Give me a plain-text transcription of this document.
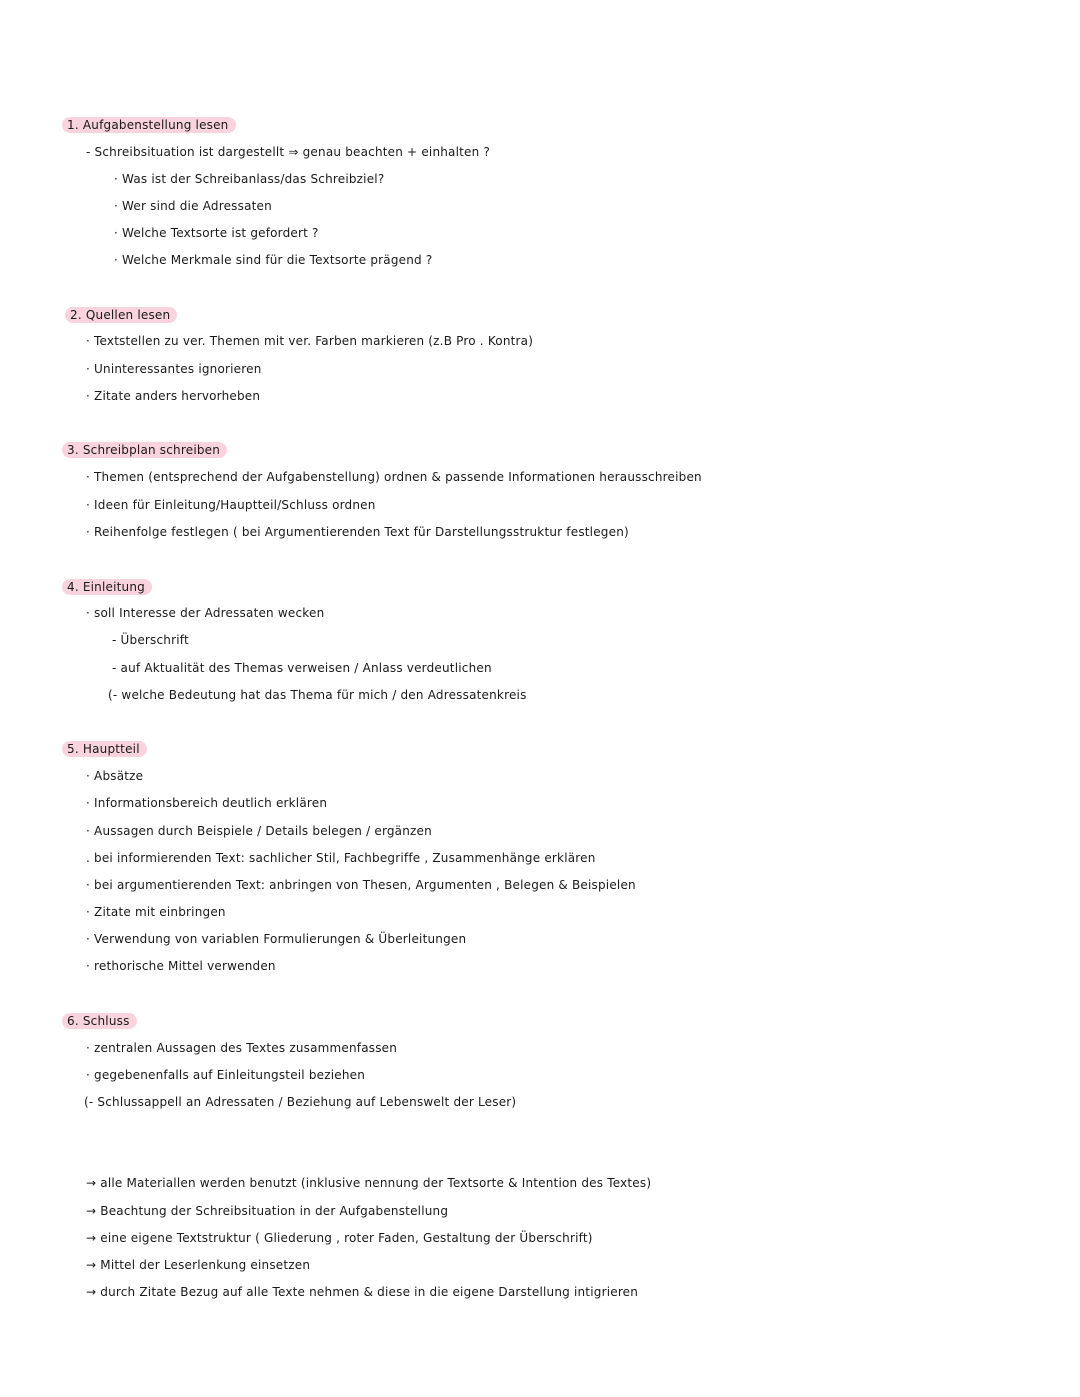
1. Aufgabenstellung lesen
- Schreibsituation ist dargestellt ⇒ genau beachten + einhalten ?
· Was ist der Schreibanlass/das Schreibziel?
· Wer sind die Adressaten
· Welche Textsorte ist gefordert ?
· Welche Merkmale sind für die Textsorte prägend ?
2. Quellen lesen
· Textstellen zu ver. Themen mit ver. Farben markieren (z.B Pro . Kontra)
· Uninteressantes ignorieren
· Zitate anders hervorheben
3. Schreibplan schreiben
· Themen (entsprechend der Aufgabenstellung) ordnen & passende Informationen herausschreiben
· Ideen für Einleitung/Hauptteil/Schluss ordnen
· Reihenfolge festlegen ( bei Argumentierenden Text für Darstellungsstruktur festlegen)
4. Einleitung
· soll Interesse der Adressaten wecken
- Überschrift
- auf Aktualität des Themas verweisen / Anlass verdeutlichen
(- welche Bedeutung hat das Thema für mich / den Adressatenkreis
5. Hauptteil
· Absätze
· Informationsbereich deutlich erklären
· Aussagen durch Beispiele / Details belegen / ergänzen
. bei informierenden Text: sachlicher Stil, Fachbegriffe , Zusammenhänge erklären
· bei argumentierenden Text: anbringen von Thesen, Argumenten , Belegen & Beispielen
· Zitate mit einbringen
· Verwendung von variablen Formulierungen & Überleitungen
· rethorische Mittel verwenden
6. Schluss
· zentralen Aussagen des Textes zusammenfassen
· gegebenenfalls auf Einleitungsteil beziehen
(- Schlussappell an Adressaten / Beziehung auf Lebenswelt der Leser)
→ alle Materiallen werden benutzt (inklusive nennung der Textsorte & Intention des Textes)
→ Beachtung der Schreibsituation in der Aufgabenstellung
→ eine eigene Textstruktur ( Gliederung , roter Faden, Gestaltung der Überschrift)
→ Mittel der Leserlenkung einsetzen
→ durch Zitate Bezug auf alle Texte nehmen & diese in die eigene Darstellung intigrieren
